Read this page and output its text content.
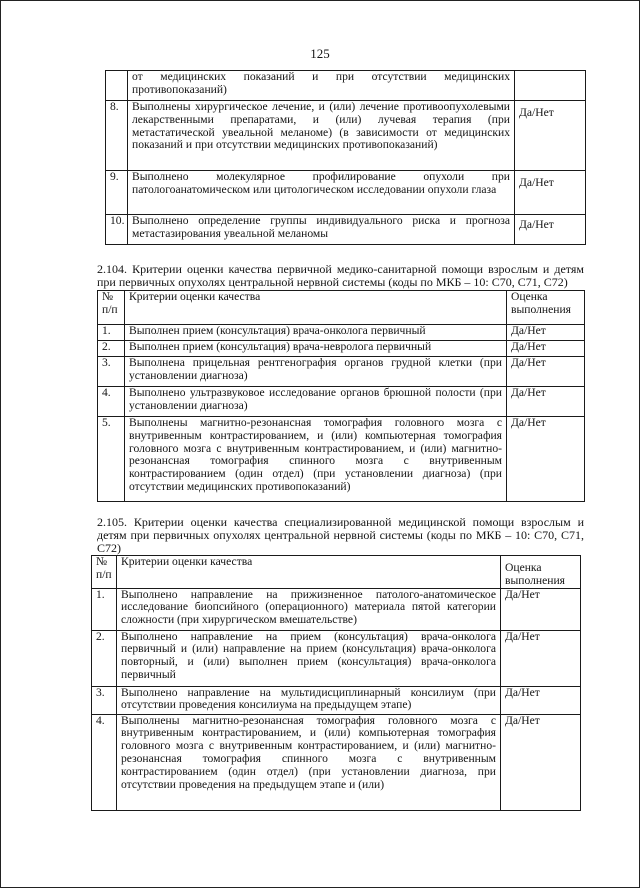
125
	от медицинских показаний и при отсутствии медицинских противопоказаний)	
8.	Выполнены хирургическое лечение, и (или) лечение противоопухолевыми лекарственными препаратами, и (или) лучевая терапия (при метастатической увеальной меланоме) (в зависимости от медицинских показаний и при отсутствии медицинских противопоказаний)	Да/Нет
9.	Выполнено молекулярное профилирование опухоли при патологоанатомическом или цитологическом исследовании опухоли глаза	Да/Нет
10.	Выполнено определение группы индивидуального риска и прогноза метастазирования увеальной меланомы	Да/Нет
2.104. Критерии оценки качества первичной медико-санитарной помощи взрослым и детям при первичных опухолях центральной нервной системы (коды по МКБ – 10: С70, С71, С72)
№ п/п	Критерии оценки качества	Оценка выполнения
1.	Выполнен прием (консультация) врача-онколога первичный	Да/Нет
2.	Выполнен прием (консультация) врача-невролога первичный	Да/Нет
3.	Выполнена прицельная рентгенография органов грудной клетки (при установлении диагноза)	Да/Нет
4.	Выполнено ультразвуковое исследование органов брюшной полости (при установлении диагноза)	Да/Нет
5.	Выполнены магнитно-резонансная томография головного мозга с внутривенным контрастированием, и (или) компьютерная томография головного мозга с внутривенным контрастированием, и (или) магнитно-резонансная томография спинного мозга с внутривенным контрастированием (один отдел) (при установлении диагноза) (при отсутствии медицинских противопоказаний)	Да/Нет
2.105. Критерии оценки качества специализированной медицинской помощи взрослым и детям при первичных опухолях центральной нервной системы (коды по МКБ – 10: С70, С71, С72)
№ п/п	Критерии оценки качества	Оценка выполнения
1.	Выполнено направление на прижизненное патолого-анатомическое исследование биопсийного (операционного) материала пятой категории сложности (при хирургическом вмешательстве)	Да/Нет
2.	Выполнено направление на прием (консультация) врача-онколога первичный и (или) направление на прием (консультация) врача-онколога повторный, и (или) выполнен прием (консультация) врача-онколога первичный	Да/Нет
3.	Выполнено направление на мультидисциплинарный консилиум (при отсутствии проведения консилиума на предыдущем этапе)	Да/Нет
4.	Выполнены магнитно-резонансная томография головного мозга с внутривенным контрастированием, и (или) компьютерная томография головного мозга с внутривенным контрастированием, и (или) магнитно-резонансная томография спинного мозга с внутривенным контрастированием (один отдел) (при установлении диагноза, при отсутствии проведения на предыдущем этапе и (или)	Да/Нет
